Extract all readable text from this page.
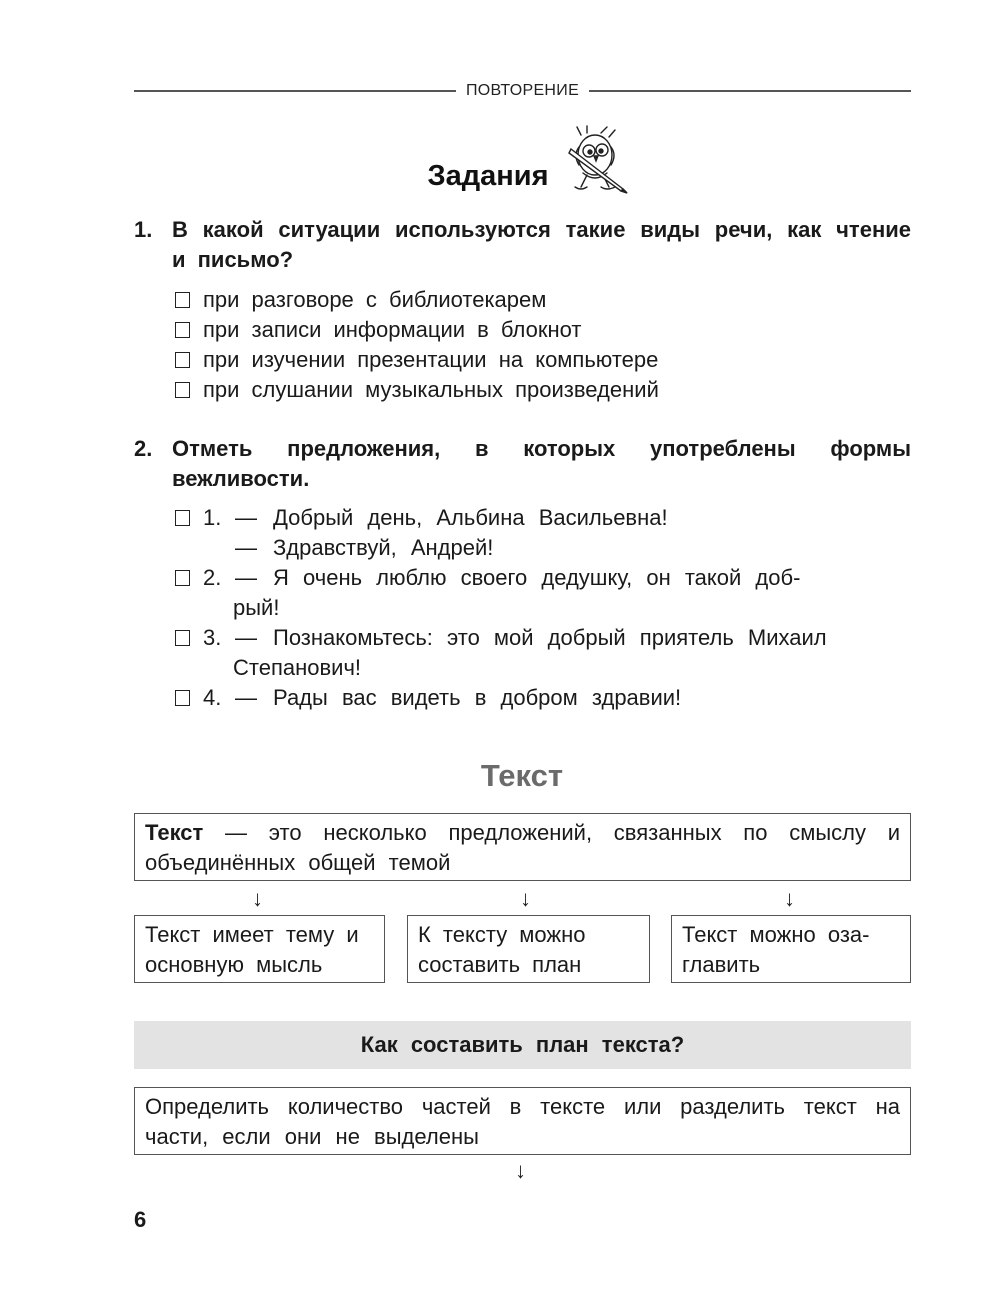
ПОВТОРЕНИЕ
Задания
1. В какой ситуации используются такие виды речи, как чтение и письмо?
при разговоре с библиотекарем
при записи информации в блокнот
при изучении презентации на компьютере
при слушании музыкальных произведений
2. Отметь предложения, в которых употреблены формы вежливости.
1. — Добрый день, Альбина Васильевна!
— Здравствуй, Андрей!
2. — Я очень люблю своего дедушку, он такой доб-
рый!
3. — Познакомьтесь: это мой добрый приятель Михаил
Степанович!
4. — Рады вас видеть в добром здравии!
Текст
Текст — это несколько предложений, связанных по смыслу и объединённых общей темой
↓	↓	↓
Текст имеет тему и основную мысль
К тексту можно составить план
Текст можно оза-главить
Как составить план текста?
Определить количество частей в тексте или разделить текст на части, если они не выделены
↓
6
